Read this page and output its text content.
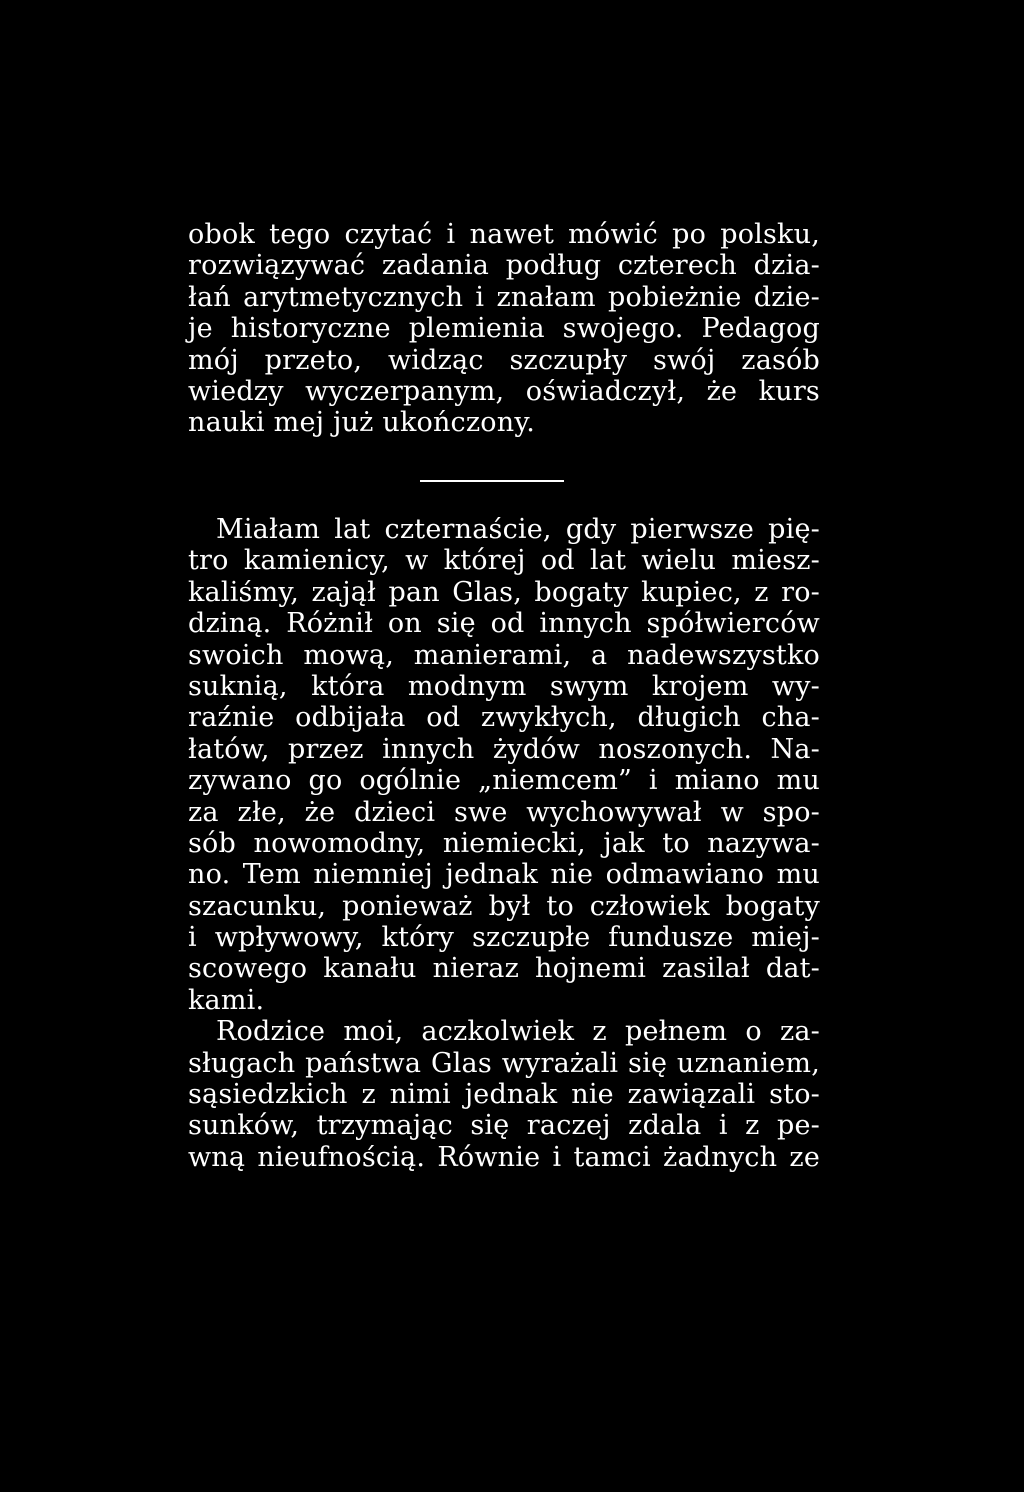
obok tego czytać i nawet mówić po polsku,
rozwiązywać zadania podług czterech dzia-
łań arytmetycznych i znałam pobieżnie dzie-
je historyczne plemienia swojego. Pedagog
mój przeto, widząc szczupły swój zasób
wiedzy wyczerpanym, oświadczył, że kurs
nauki mej już ukończony.
Miałam lat czternaście, gdy pierwsze pię-
tro kamienicy, w której od lat wielu miesz-
kaliśmy, zajął pan Glas, bogaty kupiec, z ro-
dziną. Różnił on się od innych spółwierców
swoich mową, manierami, a nadewszystko
suknią, która modnym swym krojem wy-
raźnie odbijała od zwykłych, długich cha-
łatów, przez innych żydów noszonych. Na-
zywano go ogólnie „niemcem” i miano mu
za złe, że dzieci swe wychowywał w spo-
sób nowomodny, niemiecki, jak to nazywa-
no. Tem niemniej jednak nie odmawiano mu
szacunku, ponieważ był to człowiek bogaty
i wpływowy, który szczupłe fundusze miej-
scowego kanału nieraz hojnemi zasilał dat-
kami.
Rodzice moi, aczkolwiek z pełnem o za-
sługach państwa Glas wyrażali się uznaniem,
sąsiedzkich z nimi jednak nie zawiązali sto-
sunków, trzymając się raczej zdala i z pe-
wną nieufnością. Równie i tamci żadnych ze
